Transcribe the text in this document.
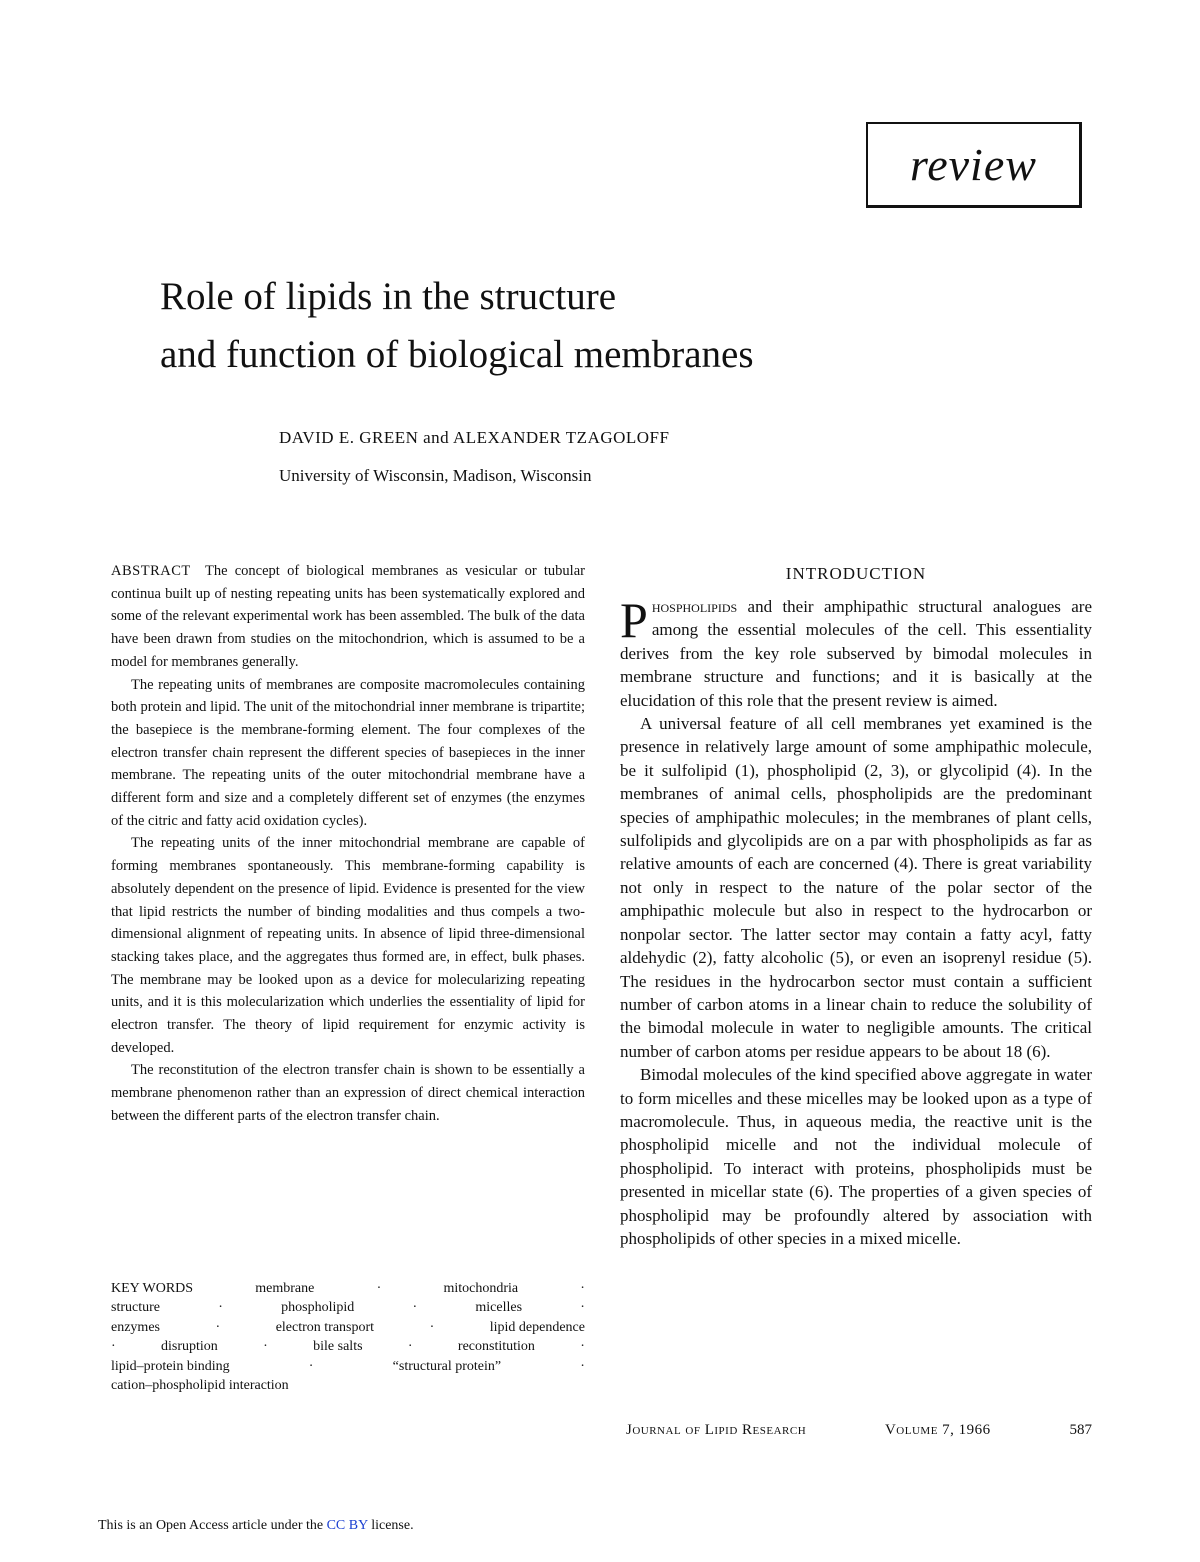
review
Role of lipids in the structure
and function of biological membranes
DAVID E. GREEN and ALEXANDER TZAGOLOFF
University of Wisconsin, Madison, Wisconsin

ABSTRACT The concept of biological membranes as vesicular or tubular continua built up of nesting repeating units has been systematically explored and some of the relevant experimental work has been assembled. The bulk of the data have been drawn from studies on the mitochondrion, which is assumed to be a model for membranes generally.

The repeating units of membranes are composite macromolecules containing both protein and lipid. The unit of the mitochondrial inner membrane is tripartite; the basepiece is the membrane-forming element. The four complexes of the electron transfer chain represent the different species of basepieces in the inner membrane. The repeating units of the outer mitochondrial membrane have a different form and size and a completely different set of enzymes (the enzymes of the citric and fatty acid oxidation cycles).

The repeating units of the inner mitochondrial membrane are capable of forming membranes spontaneously. This membrane-forming capability is absolutely dependent on the presence of lipid. Evidence is presented for the view that lipid restricts the number of binding modalities and thus compels a two-dimensional alignment of repeating units. In absence of lipid three-dimensional stacking takes place, and the aggregates thus formed are, in effect, bulk phases. The membrane may be looked upon as a device for molecularizing repeating units, and it is this molecularization which underlies the essentiality of lipid for electron transfer. The theory of lipid requirement for enzymic activity is developed.

The reconstitution of the electron transfer chain is shown to be essentially a membrane phenomenon rather than an expression of direct chemical interaction between the different parts of the electron transfer chain.

KEY WORDS	membrane	·	mitochondria	·
structure	·	phospholipid	·	micelles	·
enzymes	·	electron transport	·	lipid dependence
·	disruption	·	bile salts	·	reconstitution	·
lipid–protein binding	·	“structural protein”	·
cation–phospholipid interaction
INTRODUCTION

Phospholipids and their amphipathic structural analogues are among the essential molecules of the cell. This essentiality derives from the key role subserved by bimodal molecules in membrane structure and functions; and it is basically at the elucidation of this role that the present review is aimed.

A universal feature of all cell membranes yet examined is the presence in relatively large amount of some amphipathic molecule, be it sulfolipid (1), phospholipid (2, 3), or glycolipid (4). In the membranes of animal cells, phospholipids are the predominant species of amphipathic molecules; in the membranes of plant cells, sulfolipids and glycolipids are on a par with phospholipids as far as relative amounts of each are concerned (4). There is great variability not only in respect to the nature of the polar sector of the amphipathic molecule but also in respect to the hydrocarbon or nonpolar sector. The latter sector may contain a fatty acyl, fatty aldehydic (2), fatty alcoholic (5), or even an isoprenyl residue (5). The residues in the hydrocarbon sector must contain a sufficient number of carbon atoms in a linear chain to reduce the solubility of the bimodal molecule in water to negligible amounts. The critical number of carbon atoms per residue appears to be about 18 (6).

Bimodal molecules of the kind specified above aggregate in water to form micelles and these micelles may be looked upon as a type of macromolecule. Thus, in aqueous media, the reactive unit is the phospholipid micelle and not the individual molecule of phospholipid. To interact with proteins, phospholipids must be presented in micellar state (6). The properties of a given species of phospholipid may be profoundly altered by association with phospholipids of other species in a mixed micelle.

Journal of Lipid Research	Volume 7, 1966	587
This is an Open Access article under the CC BY license.
